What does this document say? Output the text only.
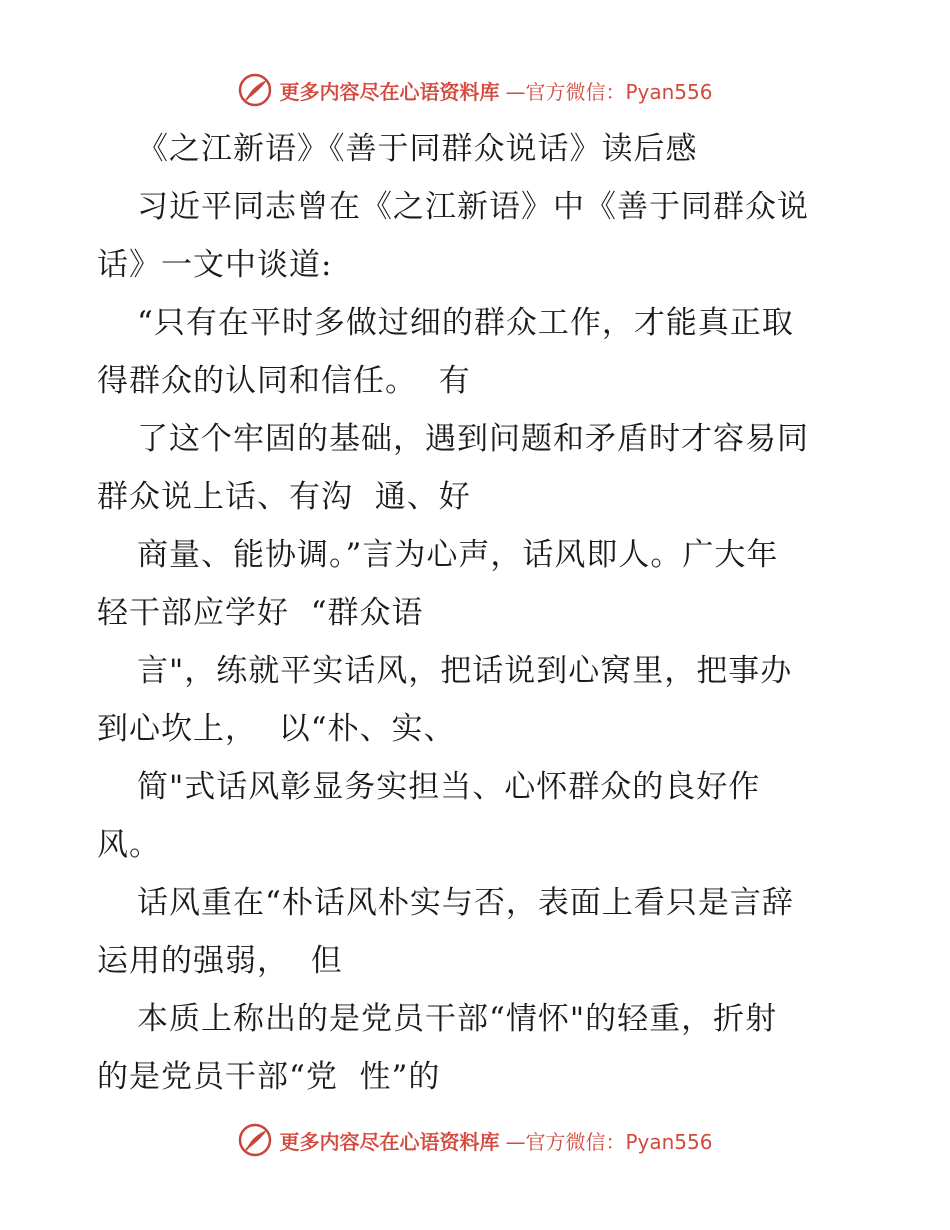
更多内容尽在心语资料库 —官方微信：Pyan556
《之江新语》《善于同群众说话》读后感
习近平同志曾在《之江新语》中《善于同群众说
话》一文中谈道:
“只有在平时多做过细的群众工作，才能真正取
得群众的认同和信任。  有
了这个牢固的基础，遇到问题和矛盾时才容易同
群众说上话、有沟  通、好
商量、能协调。”言为心声，话风即人。广大年
轻干部应学好  “群众语
言"，练就平实话风，把话说到心窝里，把事办
到心坎上，  以“朴、实、
简"式话风彰显务实担当、心怀群众的良好作
风。
话风重在“朴话风朴实与否，表面上看只是言辞
运用的强弱，  但
本质上称出的是党员干部“情怀"的轻重，折射
的是党员干部“党  性”的
更多内容尽在心语资料库 —官方微信：Pyan556
